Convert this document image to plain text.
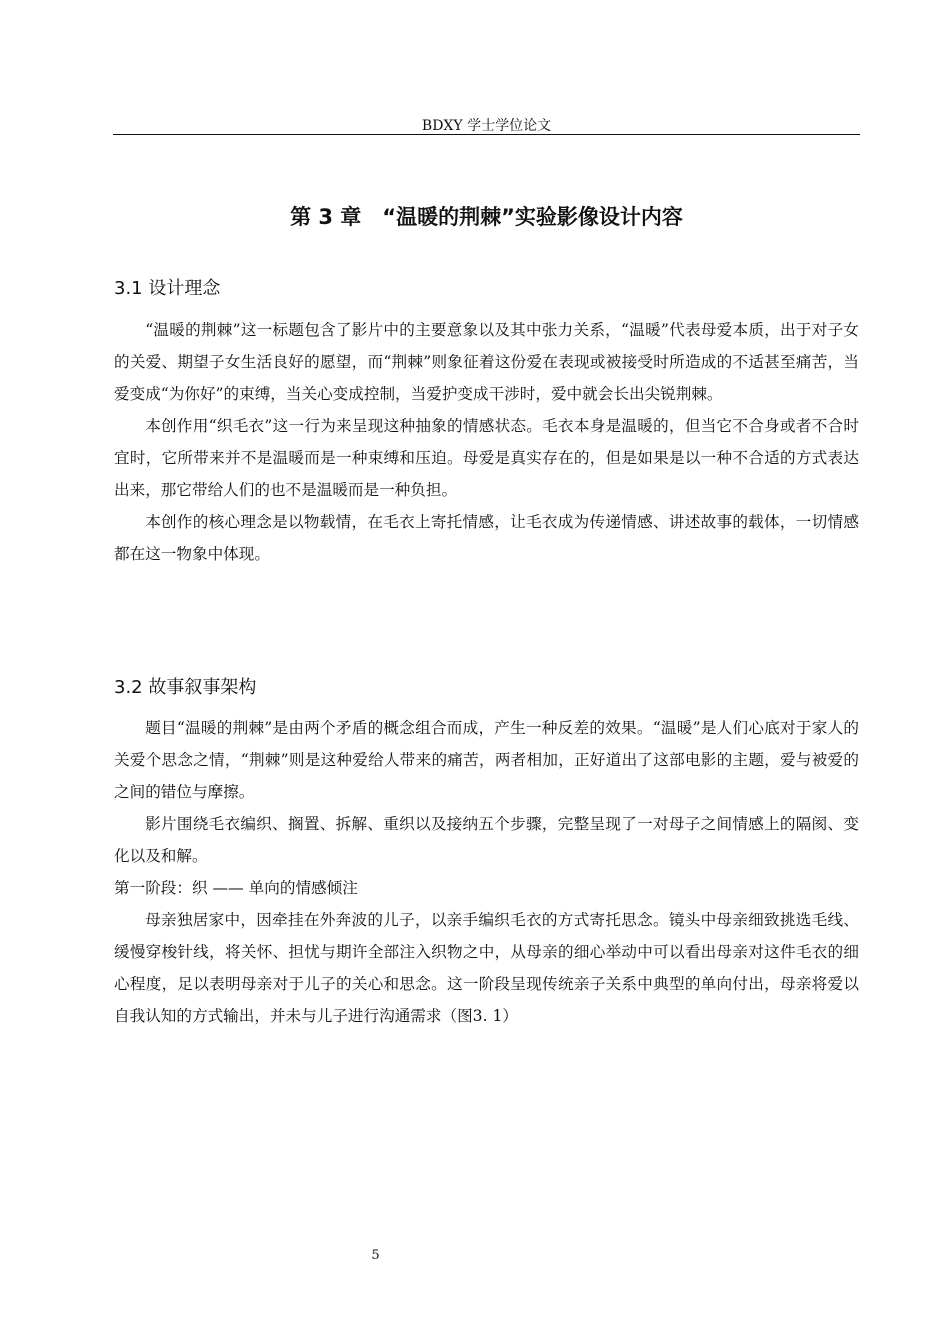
BDXY 学士学位论文
第 3 章　“温暖的荆棘”实验影像设计内容
3.1 设计理念

“温暖的荆棘”这一标题包含了影片中的主要意象以及其中张力关系，“温暖”代表母爱本质，出于对子女的关爱、期望子女生活良好的愿望，而“荆棘”则象征着这份爱在表现或被接受时所造成的不适甚至痛苦，当爱变成“为你好”的束缚，当关心变成控制，当爱护变成干涉时，爱中就会长出尖锐荆棘。

本创作用“织毛衣”这一行为来呈现这种抽象的情感状态。毛衣本身是温暖的，但当它不合身或者不合时宜时，它所带来并不是温暖而是一种束缚和压迫。母爱是真实存在的，但是如果是以一种不合适的方式表达出来，那它带给人们的也不是温暖而是一种负担。

本创作的核心理念是以物载情，在毛衣上寄托情感，让毛衣成为传递情感、讲述故事的载体，一切情感都在这一物象中体现。

3.2 故事叙事架构

题目“温暖的荆棘”是由两个矛盾的概念组合而成，产生一种反差的效果。“温暖”是人们心底对于家人的关爱个思念之情，“荆棘”则是这种爱给人带来的痛苦，两者相加，正好道出了这部电影的主题，爱与被爱的之间的错位与摩擦。

影片围绕毛衣编织、搁置、拆解、重织以及接纳五个步骤，完整呈现了一对母子之间情感上的隔阂、变化以及和解。

第一阶段：织 —— 单向的情感倾注

母亲独居家中，因牵挂在外奔波的儿子，以亲手编织毛衣的方式寄托思念。镜头中母亲细致挑选毛线、缓慢穿梭针线，将关怀、担忧与期许全部注入织物之中，从母亲的细心举动中可以看出母亲对这件毛衣的细心程度，足以表明母亲对于儿子的关心和思念。这一阶段呈现传统亲子关系中典型的单向付出，母亲将爱以自我认知的方式输出，并未与儿子进行沟通需求（图3. 1）

5
